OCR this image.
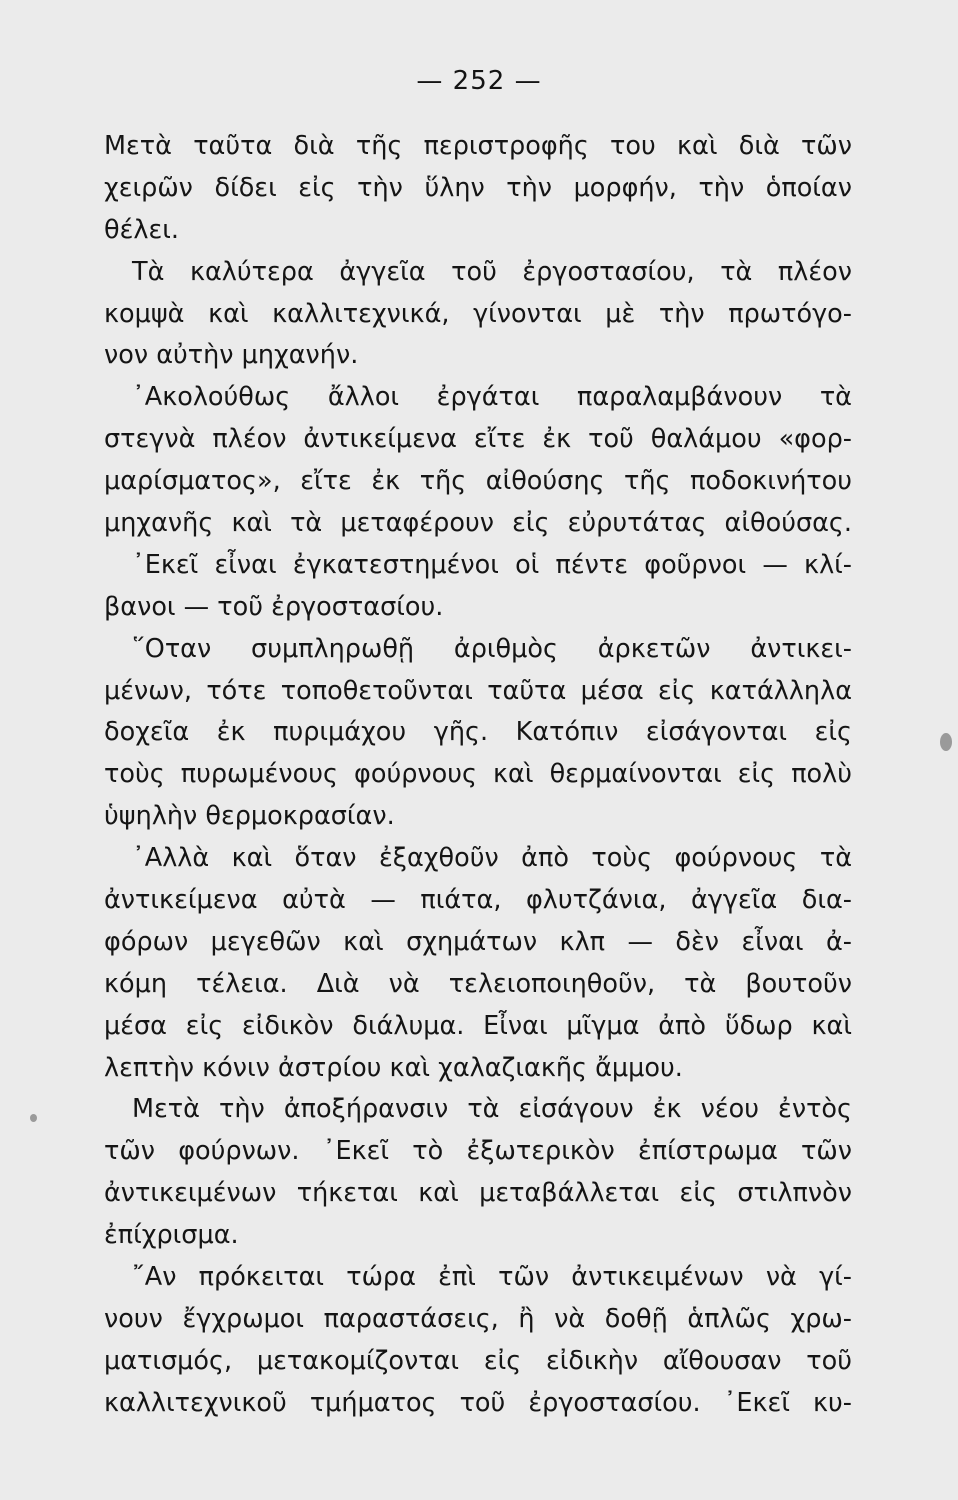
— 252 —
Μετὰ ταῦτα διὰ τῆς περιστροφῆς του καὶ διὰ τῶν
χειρῶν δίδει εἰς τὴν ὕλην τὴν μορφήν, τὴν ὁποίαν
θέλει.
Τὰ καλύτερα ἀγγεῖα τοῦ ἐργοστασίου, τὰ πλέον
κομψὰ καὶ καλλιτεχνικά, γίνονται μὲ τὴν πρωτόγο-
νον αὐτὴν μηχανήν.
᾿Ακολούθως ἄλλοι ἐργάται παραλαμβάνουν τὰ
στεγνὰ πλέον ἀντικείμενα εἴτε ἐκ τοῦ θαλάμου «φορ-
μαρίσματος», εἴτε ἐκ τῆς αἰθούσης τῆς ποδοκινήτου
μηχανῆς καὶ τὰ μεταφέρουν εἰς εὐρυτάτας αἰθούσας.
᾿Εκεῖ εἶναι ἐγκατεστημένοι οἱ πέντε φοῦρνοι — κλί-
βανοι — τοῦ ἐργοστασίου.
῞Οταν συμπληρωθῇ ἀριθμὸς ἀρκετῶν ἀντικει-
μένων, τότε τοποθετοῦνται ταῦτα μέσα εἰς κατάλληλα
δοχεῖα ἐκ πυριμάχου γῆς. Κατόπιν εἰσάγονται εἰς
τοὺς πυρωμένους φούρνους καὶ θερμαίνονται εἰς πολὺ
ὑψηλὴν θερμοκρασίαν.
᾿Αλλὰ καὶ ὅταν ἐξαχθοῦν ἀπὸ τοὺς φούρνους τὰ
ἀντικείμενα αὐτὰ — πιάτα, φλυτζάνια, ἀγγεῖα δια-
φόρων μεγεθῶν καὶ σχημάτων κλπ — δὲν εἶναι ἀ-
κόμη τέλεια. Διὰ νὰ τελειοποιηθοῦν, τὰ βουτοῦν
μέσα εἰς εἰδικὸν διάλυμα. Εἶναι μῖγμα ἀπὸ ὕδωρ καὶ
λεπτὴν κόνιν ἀστρίου καὶ χαλαζιακῆς ἄμμου.
Μετὰ τὴν ἀποξήρανσιν τὰ εἰσάγουν ἐκ νέου ἐντὸς
τῶν φούρνων. ᾿Εκεῖ τὸ ἐξωτερικὸν ἐπίστρωμα τῶν
ἀντικειμένων τήκεται καὶ μεταβάλλεται εἰς στιλπνὸν
ἐπίχρισμα.
῎Αν πρόκειται τώρα ἐπὶ τῶν ἀντικειμένων νὰ γί-
νουν ἔγχρωμοι παραστάσεις, ἢ νὰ δοθῇ ἁπλῶς χρω-
ματισμός, μετακομίζονται εἰς εἰδικὴν αἴθουσαν τοῦ
καλλιτεχνικοῦ τμήματος τοῦ ἐργοστασίου. ᾿Εκεῖ κυ-
